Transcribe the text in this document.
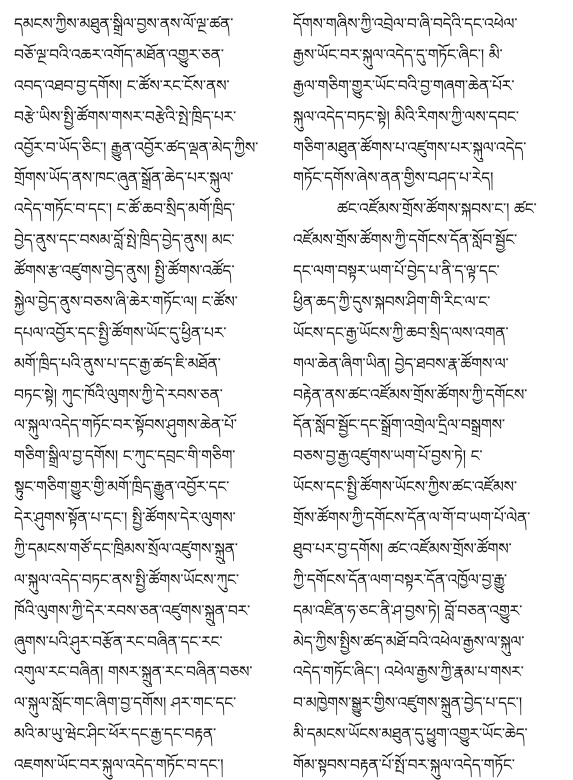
དམངས་ཀྱིས་མཐུན་སྒྲིལ་བྱས་ནས་ལོ་ལྔ་ཚན་
བཅོ་ལྔ་བའི་འཆར་འགོད་མཐོན་འགྱུར་ཅན་
འབད་འཐབ་བྱ་དགོས། ང་ཚོས་རང་ངོས་ནས་
བརྩེ་ཡིས་སྤྱི་ཚོགས་གསར་བརྩེའི་སྤེ་ཁྲིད་པར་
འབྱོར་བ་ཡོད་ཅིང་། རྒྱུན་འབྱོར་ཚད་ལྡན་མེད་ཀྱིས་
གྲོགས་ཡོད་ནས་ཁང་ཞུན་སྒྲོན་ཆེད་པར་སྐུལ་
འདེད་གཏོང་བ་དང་། ང་ཚོ་ཆབ་སྲིད་མགོ་ཁྲིད་
བྱེད་ནུས་དང་བསམ་བློ་སྤེ་ཁྲིད་བྱེད་ནུས། མང་
ཚོགས་རྩ་འཛུགས་བྱེད་ནུས། སྤྱི་ཚོགས་འཚོད་
སྐྱེལ་བྱེད་ནུས་བཅས་ཞི་ཆེར་གཏོང་ལ། ང་ཚོས་
དཔལ་འབྱོར་དང་སྤྱི་ཚོགས་ཡོང་དུ་ཕྱིན་པར་
མགོ་ཁྲིད་པའི་ནུས་པ་དང་རྒྱ་ཚད་ཇི་མཐོན་
བཏང་སྟེ། ཀུང་ཁོའི་ལུགས་ཀྱི་དེ་རབས་ཅན་
ལ་སྐུལ་འདེད་གཏོང་བར་སྟོབས་ཤུགས་ཆེན་པོ་
གཅིག་སྒྲིལ་བྱ་དགོས། ང་ཀུང་དབྲང་གི་གཅིག་
སྟུང་གཅིག་གྱུར་གྱི་མགོ་ཁྲིད་རྒྱུན་འབྱོར་དང་
དེར་ཤུགས་སྟོན་པ་དང་། སྤྱི་ཚོགས་དེར་ལུགས་
ཀྱི་དམངས་གཙོ་དང་ཁྲིམས་སྲོལ་འཛུགས་སྐྲུན་
ལ་སྐུལ་འདེད་བཏང་ནས་སྤྱི་ཚོགས་ཡོངས་ཀུང་
ཁོའི་ལུགས་ཀྱི་དེར་རབས་ཅན་འཛུགས་སྐྲུན་བར་
ཞུགས་པའི་ཤུར་བརྩོན་རང་བཞིན་དང་རང་
འགུལ་རང་བཞིན། གསར་སྐྲུན་རང་བཞིན་བཅས་
ལ་སྐུལ་སློང་གང་ཞིག་བྱ་དགོས། ཤར་གང་དང་
མའི་མ་ཡུ་ཝེང་ཤིང་ཕོར་དང་རྒྱ་དང་བརྟན་
འཇགས་ཡོང་བར་སྐུལ་འདེད་གཏོང་བ་དང་།
དོགས་གཞིས་ཀྱི་འབྲེལ་བ་ཞི་བདེའི་དང་འཕེལ་
རྒྱས་ཡོང་བར་སྐུལ་འདེད་དུ་གཏོང་ཞིང་། མི་
རྒྱལ་གཅིག་གྱུར་ཡོང་བའི་བྱ་གཞག་ཆེན་པོར་
སྐུལ་འདེད་བཏང་སྟེ། མིའི་རིགས་ཀྱི་ལས་དབང་
གཅིག་མཐུན་ཚོགས་པ་འཛུགས་པར་སྐུལ་འདེད་
གཏོང་དགོས་ཞེས་ནན་གྱིས་བཤད་པ་རེད།
ཚང་འཛོམས་གྲོས་ཚོགས་སྐབས་ང་། ཚང་
འཛོམས་གྲོས་ཚོགས་ཀྱི་དགོངས་དོན་སློབ་སྦྱོང་
དང་ལག་བསྟར་ཡག་པོ་བྱེད་པ་ནི་ད་ལྟ་དང་
ཕྱིན་ཆད་ཀྱི་དུས་སྐབས་ཤིག་གི་རིང་ལ་ང་
ཡོངས་དང་རྒྱ་ཡོངས་ཀྱི་ཆབ་སྲིད་ལས་འགན་
གལ་ཆེན་ཞིག་ཡིན། བྱེད་ཐབས་རྣ་ཚོགས་ལ་
བརྟེན་ནས་ཚང་འཛོམས་གྲོས་ཚོགས་ཀྱི་དགོངས་
དོན་སློབ་སྦྱོང་དང་སྒྲོག་འགྲེལ་དྲིལ་བསྒྲགས་
བཅས་བྱ་རྒྱ་འཛུགས་ཡག་པོ་བྱས་ཏེ། ང་
ཡོངས་དང་སྤྱི་ཚོགས་ཡོངས་ཀྱིས་ཚང་འཛོམས་
གྲོས་ཚོགས་ཀྱི་དགོངས་དོན་ལ་གོ་བ་ཡག་པོ་ལེན་
ཐུབ་པར་བྱ་དགོས། ཚང་འཛོམས་གྲོས་ཚོགས་
ཀྱི་དགོངས་དོན་ལག་བསྟར་དོན་འཁྱོལ་བྱ་རྒྱུ་
དམ་འཛིན་ཧ་ཅང་ནི་ཤ་བྱས་ཏེ། བློ་བཅན་འགྱུར་
མེད་ཀྱིས་སྤྱིས་ཚད་མཐོ་བའི་འཕེལ་རྒྱས་ལ་སྐུལ་
འདེད་གཏོང་ཞིང་། འཕེལ་རྒྱས་ཀྱི་རྣམ་པ་གསར་
བ་མཁྱེགས་སྒྱུར་གྱིས་འཛུགས་སྐྲུན་བྱེད་པ་དང་།
མི་དམངས་ཡོངས་མཐུན་དུ་ཕྱུག་འགྱུར་ཡོང་ཆེད་
གོམ་སྟབས་བརྟན་པོ་སྤོ་བར་སྐུལ་འདེད་གཏོང་
